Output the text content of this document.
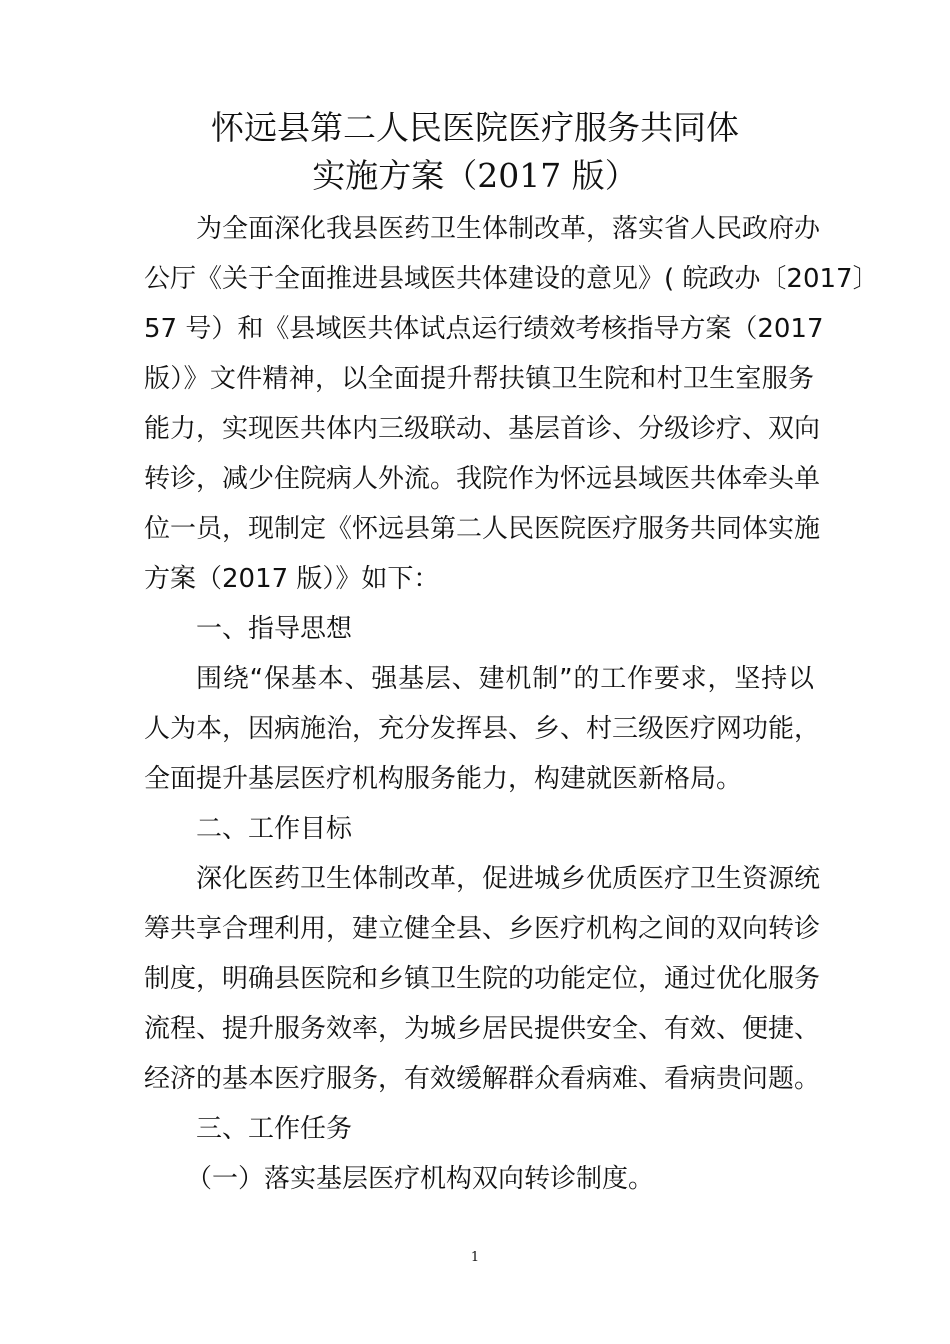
怀远县第二人民医院医疗服务共同体
实施方案（2017 版）
为全面深化我县医药卫生体制改革，落实省人民政府办
公厅《关于全面推进县域医共体建设的意见》( 皖政办〔2017〕
57 号）和《县域医共体试点运行绩效考核指导方案（2017
版）》文件精神，以全面提升帮扶镇卫生院和村卫生室服务
能力，实现医共体内三级联动、基层首诊、分级诊疗、双向
转诊，减少住院病人外流。我院作为怀远县域医共体牵头单
位一员，现制定《怀远县第二人民医院医疗服务共同体实施
方案（2017 版）》如下：
一、指导思想
围绕“保基本、强基层、建机制”的工作要求，坚持以
人为本，因病施治，充分发挥县、乡、村三级医疗网功能，
全面提升基层医疗机构服务能力，构建就医新格局。
二、工作目标
深化医药卫生体制改革，促进城乡优质医疗卫生资源统
筹共享合理利用，建立健全县、乡医疗机构之间的双向转诊
制度，明确县医院和乡镇卫生院的功能定位，通过优化服务
流程、提升服务效率，为城乡居民提供安全、有效、便捷、
经济的基本医疗服务，有效缓解群众看病难、看病贵问题。
三、工作任务
（一）落实基层医疗机构双向转诊制度。
1
